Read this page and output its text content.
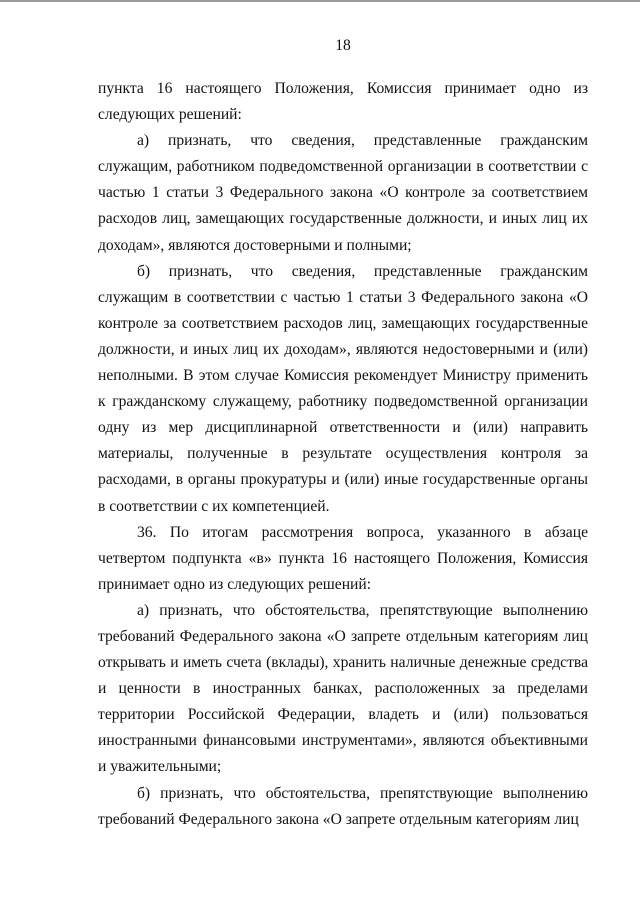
18

пункта 16 настоящего Положения, Комиссия принимает одно из следующих решений:

а) признать, что сведения, представленные гражданским служащим, работником подведомственной организации в соответствии с частью 1 статьи 3 Федерального закона «О контроле за соответствием расходов лиц, замещающих государственные должности, и иных лиц их доходам», являются достоверными и полными;

б) признать, что сведения, представленные гражданским служащим в соответствии с частью 1 статьи 3 Федерального закона «О контроле за соответствием расходов лиц, замещающих государственные должности, и иных лиц их доходам», являются недостоверными и (или) неполными. В этом случае Комиссия рекомендует Министру применить к гражданскому служащему, работнику подведомственной организации одну из мер дисциплинарной ответственности и (или) направить материалы, полученные в результате осуществления контроля за расходами, в органы прокуратуры и (или) иные государственные органы в соответствии с их компетенцией.

36. По итогам рассмотрения вопроса, указанного в абзаце четвертом подпункта «в» пункта 16 настоящего Положения, Комиссия принимает одно из следующих решений:

а) признать, что обстоятельства, препятствующие выполнению требований Федерального закона «О запрете отдельным категориям лиц открывать и иметь счета (вклады), хранить наличные денежные средства и ценности в иностранных банках, расположенных за пределами территории Российской Федерации, владеть и (или) пользоваться иностранными финансовыми инструментами», являются объективными и уважительными;

б) признать, что обстоятельства, препятствующие выполнению требований Федерального закона «О запрете отдельным категориям лиц
